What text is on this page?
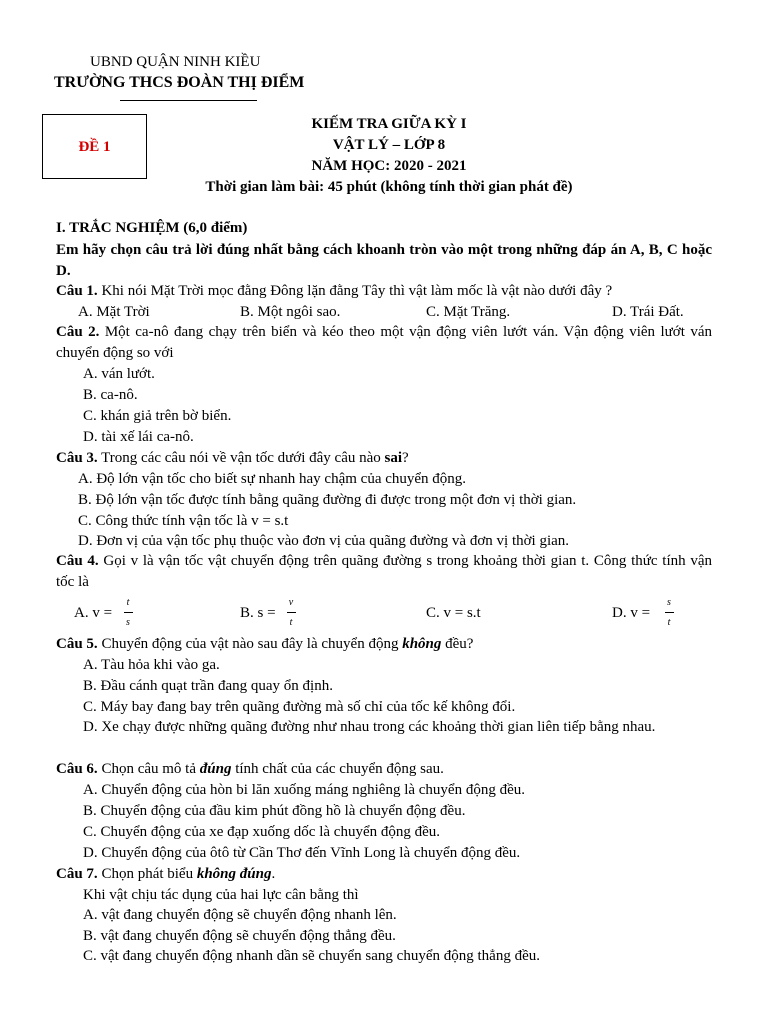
UBND QUẬN NINH KIỀU
TRƯỜNG THCS ĐOÀN THỊ ĐIỂM
ĐỀ 1
KIẾM TRA GIỮA KỲ I
VẬT LÝ – LỚP 8
NĂM HỌC: 2020 - 2021
Thời gian làm bài: 45 phút (không tính thời gian phát đề)
I. TRẮC NGHIỆM (6,0 điểm)
Em hãy chọn câu trả lời đúng nhất bằng cách khoanh tròn vào một trong những đáp án A, B, C hoặc D.
Câu 1. Khi nói Mặt Trời mọc đằng Đông lặn đằng Tây thì vật làm mốc là vật nào dưới đây ?
A. Mặt Trời	B. Một ngôi sao.	C. Mặt Trăng.	D. Trái Đất.
Câu 2. Một ca-nô đang chạy trên biển và kéo theo một vận động viên lướt ván. Vận động viên lướt ván chuyển động so với
A. ván lướt.
B. ca-nô.
C. khán giả trên bờ biển.
D. tài xế lái ca-nô.
Câu 3. Trong các câu nói về vận tốc dưới đây câu nào sai?
A. Độ lớn vận tốc cho biết sự nhanh hay chậm của chuyển động.
B. Độ lớn vận tốc được tính bằng quãng đường đi được trong một đơn vị thời gian.
C. Công thức tính vận tốc là v = s.t
D. Đơn vị của vận tốc phụ thuộc vào đơn vị của quãng đường và đơn vị thời gian.
Câu 4. Gọi v là vận tốc vật chuyển động trên quãng đường s trong khoảng thời gian t. Công thức tính vận tốc là
A. v =
t
s
B. s =
v
t
C. v = s.t	D. v =
s
t
Câu 5. Chuyển động của vật nào sau đây là chuyển động không đều?
A. Tàu hỏa khi vào ga.
B. Đầu cánh quạt trần đang quay ổn định.
C. Máy bay đang bay trên quãng đường mà số chỉ của tốc kế không đổi.
D. Xe chạy được những quãng đường như nhau trong các khoảng thời gian liên tiếp bằng nhau.
Câu 6. Chọn câu mô tả đúng tính chất của các chuyển động sau.
A. Chuyển động của hòn bi lăn xuống máng nghiêng là chuyển động đều.
B. Chuyển động của đầu kim phút đồng hồ là chuyển động đều.
C. Chuyển động của xe đạp xuống dốc là chuyển động đều.
D. Chuyển động của ôtô từ Cần Thơ đến Vĩnh Long là chuyển động đều.
Câu 7. Chọn phát biểu không đúng.
Khi vật chịu tác dụng của hai lực cân bằng thì
A. vật đang chuyển động sẽ chuyển động nhanh lên.
B. vật đang chuyển động sẽ chuyển động thẳng đều.
C. vật đang chuyển động nhanh dần sẽ chuyển sang chuyển động thẳng đều.
